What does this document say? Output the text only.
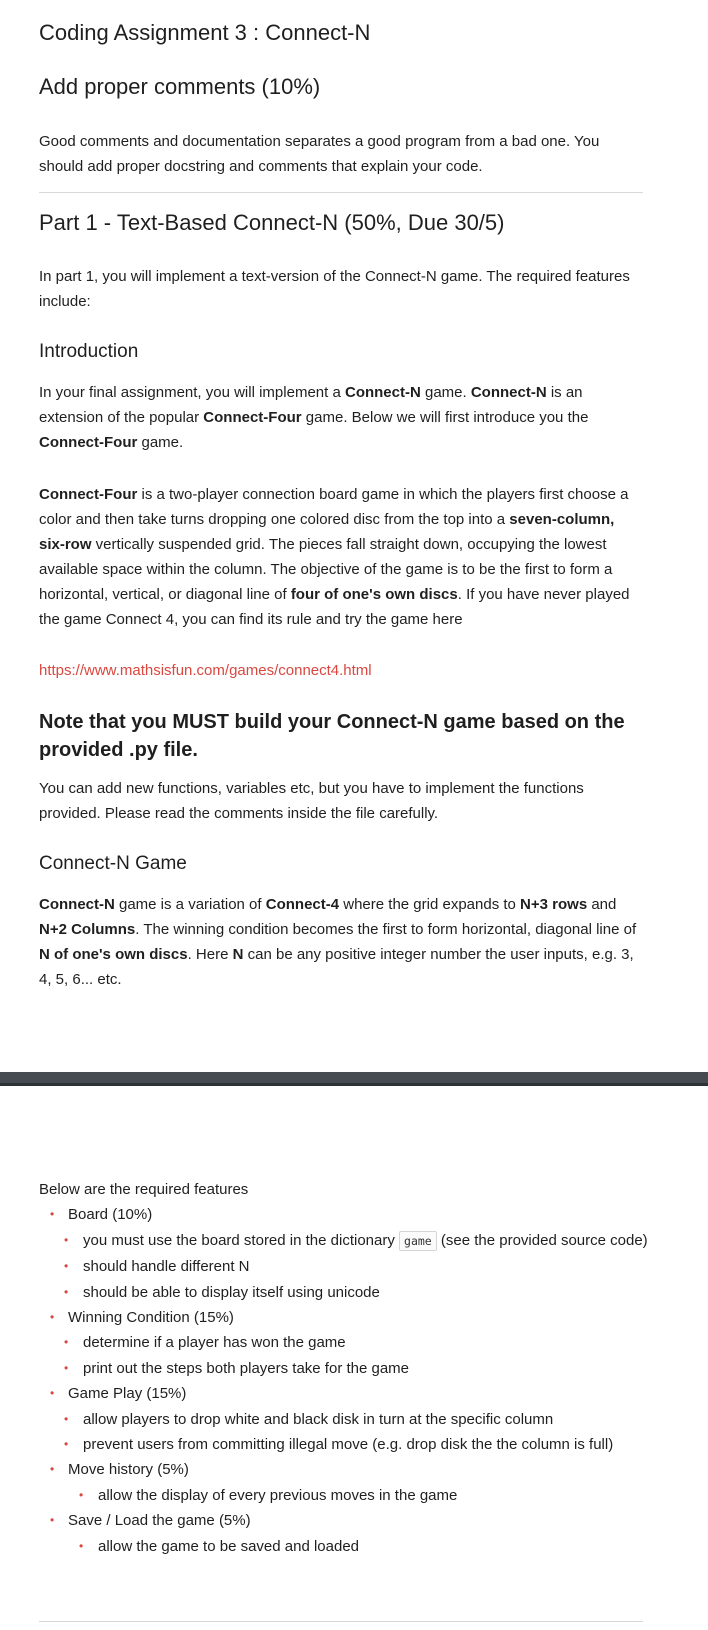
Coding Assignment 3 : Connect-N
Add proper comments (10%)

Good comments and documentation separates a good program from a bad one. You should add proper docstring and comments that explain your code.

Part 1 - Text-Based Connect-N (50%, Due 30/5)

In part 1, you will implement a text-version of the Connect-N game. The required features include:

Introduction

In your final assignment, you will implement a Connect-N game. Connect-N is an extension of the popular Connect-Four game. Below we will first introduce you the Connect-Four game.

Connect-Four is a two-player connection board game in which the players first choose a color and then take turns dropping one colored disc from the top into a seven-column, six-row vertically suspended grid. The pieces fall straight down, occupying the lowest available space within the column. The objective of the game is to be the first to form a horizontal, vertical, or diagonal line of four of one's own discs. If you have never played the game Connect 4, you can find its rule and try the game here

https://www.mathsisfun.com/games/connect4.html

Note that you MUST build your Connect-N game based on the provided .py file.

You can add new functions, variables etc, but you have to implement the functions provided. Please read the comments inside the file carefully.

Connect-N Game

Connect-N game is a variation of Connect-4 where the grid expands to N+3 rows and N+2 Columns. The winning condition becomes the first to form horizontal, diagonal line of N of one's own discs. Here N can be any positive integer number the user inputs, e.g. 3, 4, 5, 6... etc.

Below are the required features
• Board (10%)
• you must use the board stored in the dictionary game (see the provided source code)
• should handle different N
• should be able to display itself using unicode
• Winning Condition (15%)
• determine if a player has won the game
• print out the steps both players take for the game
• Game Play (15%)
• allow players to drop white and black disk in turn at the specific column
• prevent users from committing illegal move (e.g. drop disk the the column is full)
• Move history (5%)
• allow the display of every previous moves in the game
• Save / Load the game (5%)
• allow the game to be saved and loaded
